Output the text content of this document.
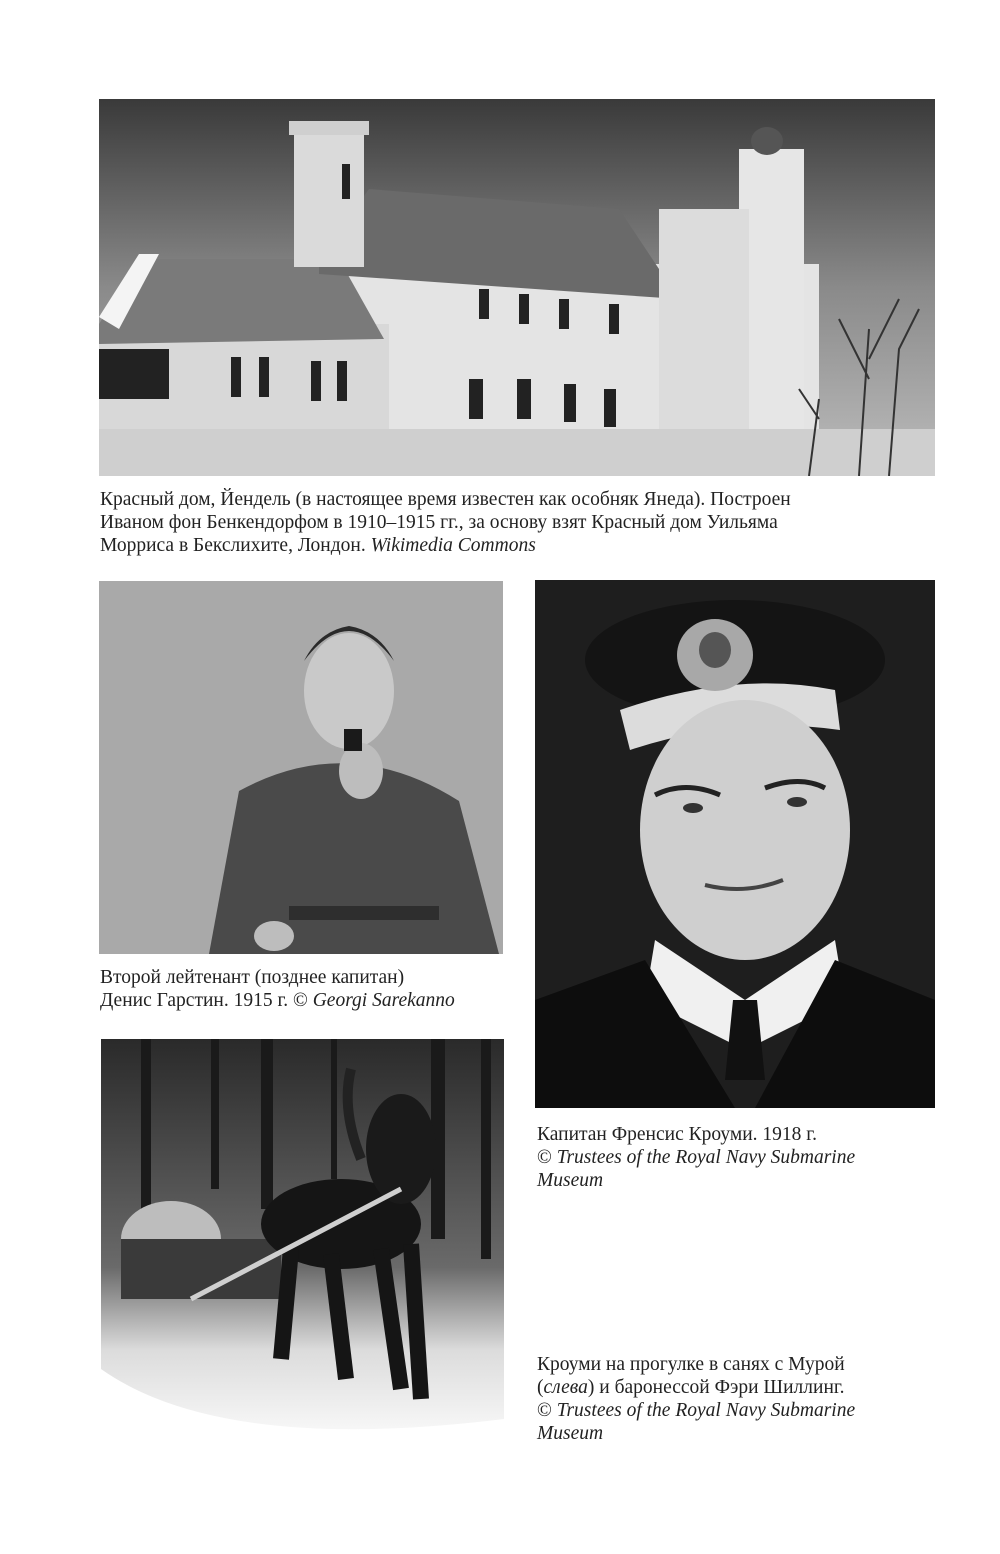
Красный дом, Йендель (в настоящее время известен как особняк Янеда). Построен
Иваном фон Бенкендорфом в 1910–1915 гг., за основу взят Красный дом Уильяма
Морриса в Бекслихите, Лондон. Wikimedia Commons
Второй лейтенант (позднее капитан)
Денис Гарстин. 1915 г. © Georgi Sarekanno
Капитан Френсис Кроуми. 1918 г.
© Trustees of the Royal Navy Submarine
Museum
Кроуми на прогулке в санях с Мурой
(слева) и баронессой Фэри Шиллинг.
© Trustees of the Royal Navy Submarine
Museum
